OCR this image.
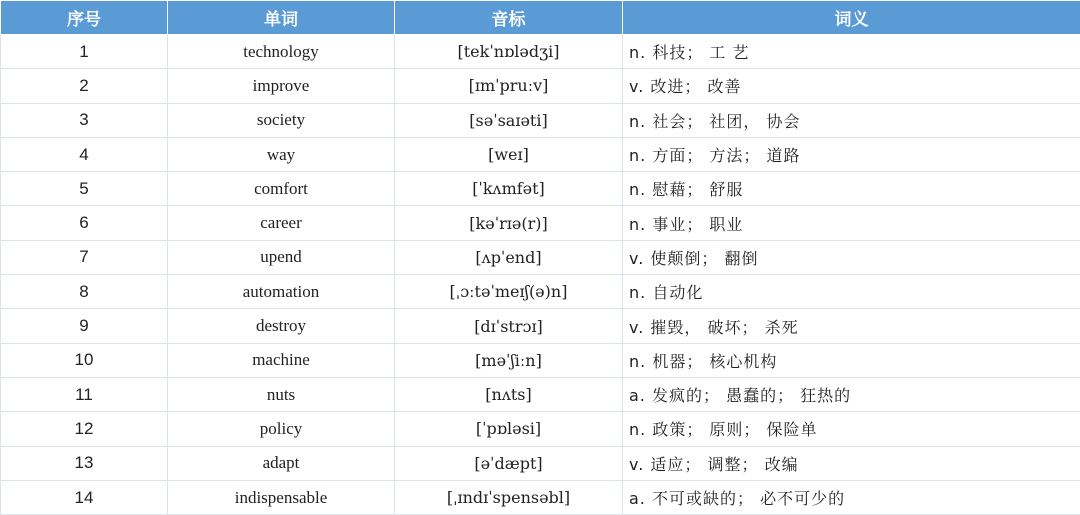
序号	单词	音标	词义
1	technology	[tekˈnɒlədʒi]	n. 科技； 工 艺
2	improve	[ɪmˈpruːv]	v. 改进； 改善
3	society	[səˈsaɪəti]	n. 社会； 社团， 协会
4	way	[weɪ]	n. 方面； 方法； 道路
5	comfort	[ˈkʌmfət]	n. 慰藉； 舒服
6	career	[kəˈrɪə(r)]	n. 事业； 职业
7	upend	[ʌpˈend]	v. 使颠倒； 翻倒
8	automation	[ˌɔːtəˈmeɪʃ(ə)n]	n. 自动化
9	destroy	[dɪˈstrɔɪ]	v. 摧毁， 破坏； 杀死
10	machine	[məˈʃiːn]	n. 机器； 核心机构
11	nuts	[nʌts]	a. 发疯的； 愚蠢的； 狂热的
12	policy	[ˈpɒləsi]	n. 政策； 原则； 保险单
13	adapt	[əˈdæpt]	v. 适应； 调整； 改编
14	indispensable	[ˌɪndɪˈspensəbl]	a. 不可或缺的； 必不可少的
